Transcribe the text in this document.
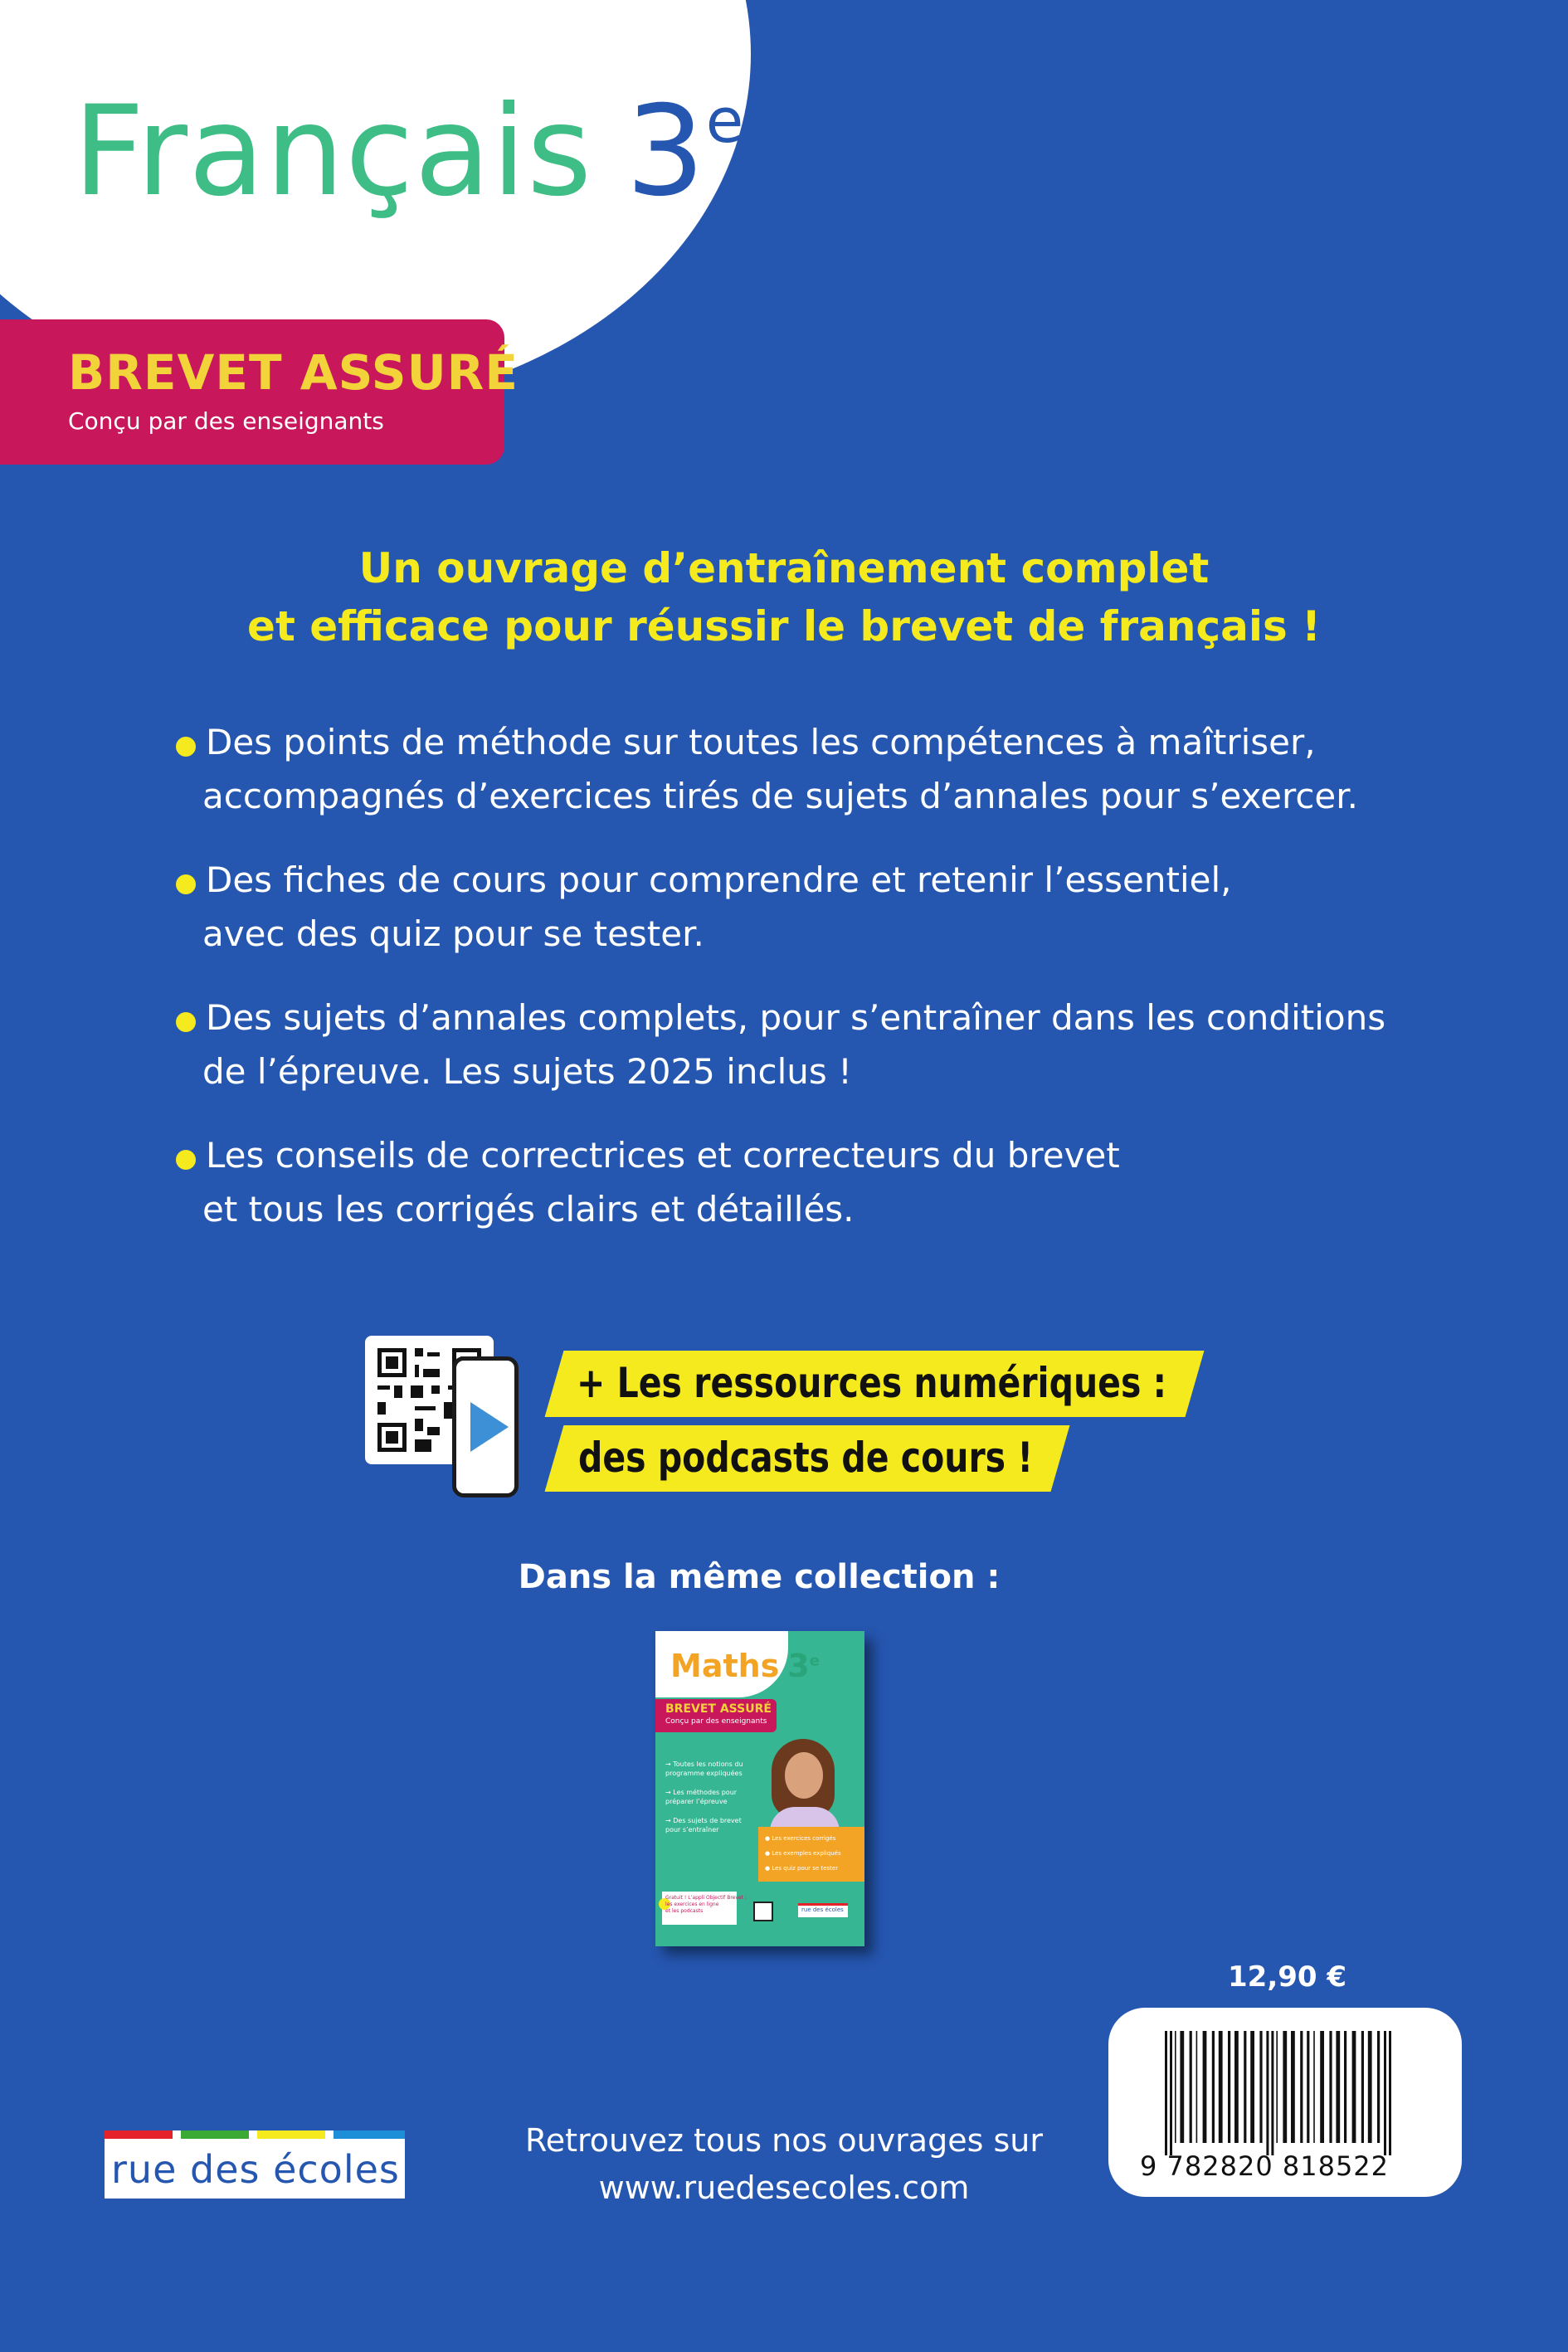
Français 3e
BREVET ASSURÉ
Conçu par des enseignants
Un ouvrage d’entraînement complet
et efficace pour réussir le brevet de français !
Des points de méthode sur toutes les compétences à maîtriser,
accompagnés d’exercices tirés de sujets d’annales pour s’exercer.
Des fiches de cours pour comprendre et retenir l’essentiel,
avec des quiz pour se tester.
Des sujets d’annales complets, pour s’entraîner dans les conditions
de l’épreuve. Les sujets 2025 inclus !
Les conseils de correctrices et correcteurs du brevet
et tous les corrigés clairs et détaillés.
+ Les ressources numériques :
des podcasts de cours !
Dans la même collection :
Maths 3e
BREVET ASSURÉ
Conçu par des enseignants
→ Toutes les notions du programme expliquées
→ Les méthodes pour préparer l’épreuve
→ Des sujets de brevet pour s’entraîner
● Les exercices corrigés
● Les exemples expliqués
● Les quiz pour se tester
Gratuit ! L’appli Objectif Brevet :
les exercices en ligne
et les podcasts	rue des écoles
12,90 €
9 782820 818522
rue des écoles
Retrouvez tous nos ouvrages sur
www.ruedesecoles.com
